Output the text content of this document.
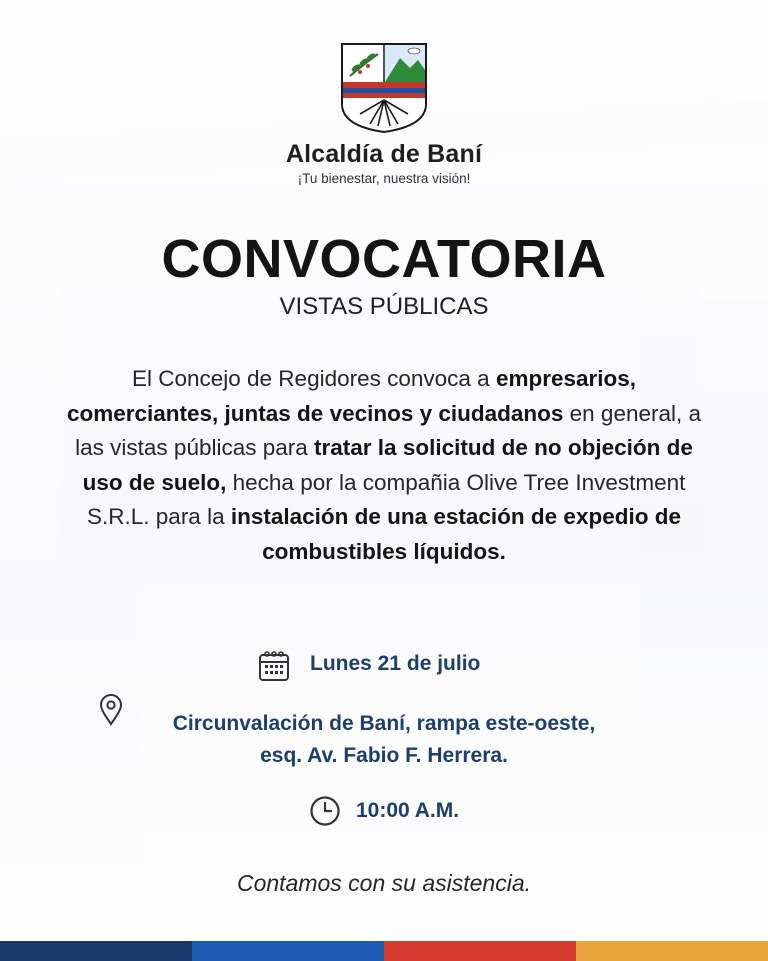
Alcaldía de Baní
¡Tu bienestar, nuestra visión!
CONVOCATORIA
VISTAS PÚBLICAS

El Concejo de Regidores convoca a empresarios, comerciantes, juntas de vecinos y ciudadanos en general, a las vistas públicas para tratar la solicitud de no objeción de uso de suelo, hecha por la compañia Olive Tree Investment S.R.L. para la instalación de una estación de expedio de combustibles líquidos.

Lunes 21 de julio
Circunvalación de Baní, rampa este-oeste,
esq. Av. Fabio F. Herrera.
10:00 A.M.
Contamos con su asistencia.
